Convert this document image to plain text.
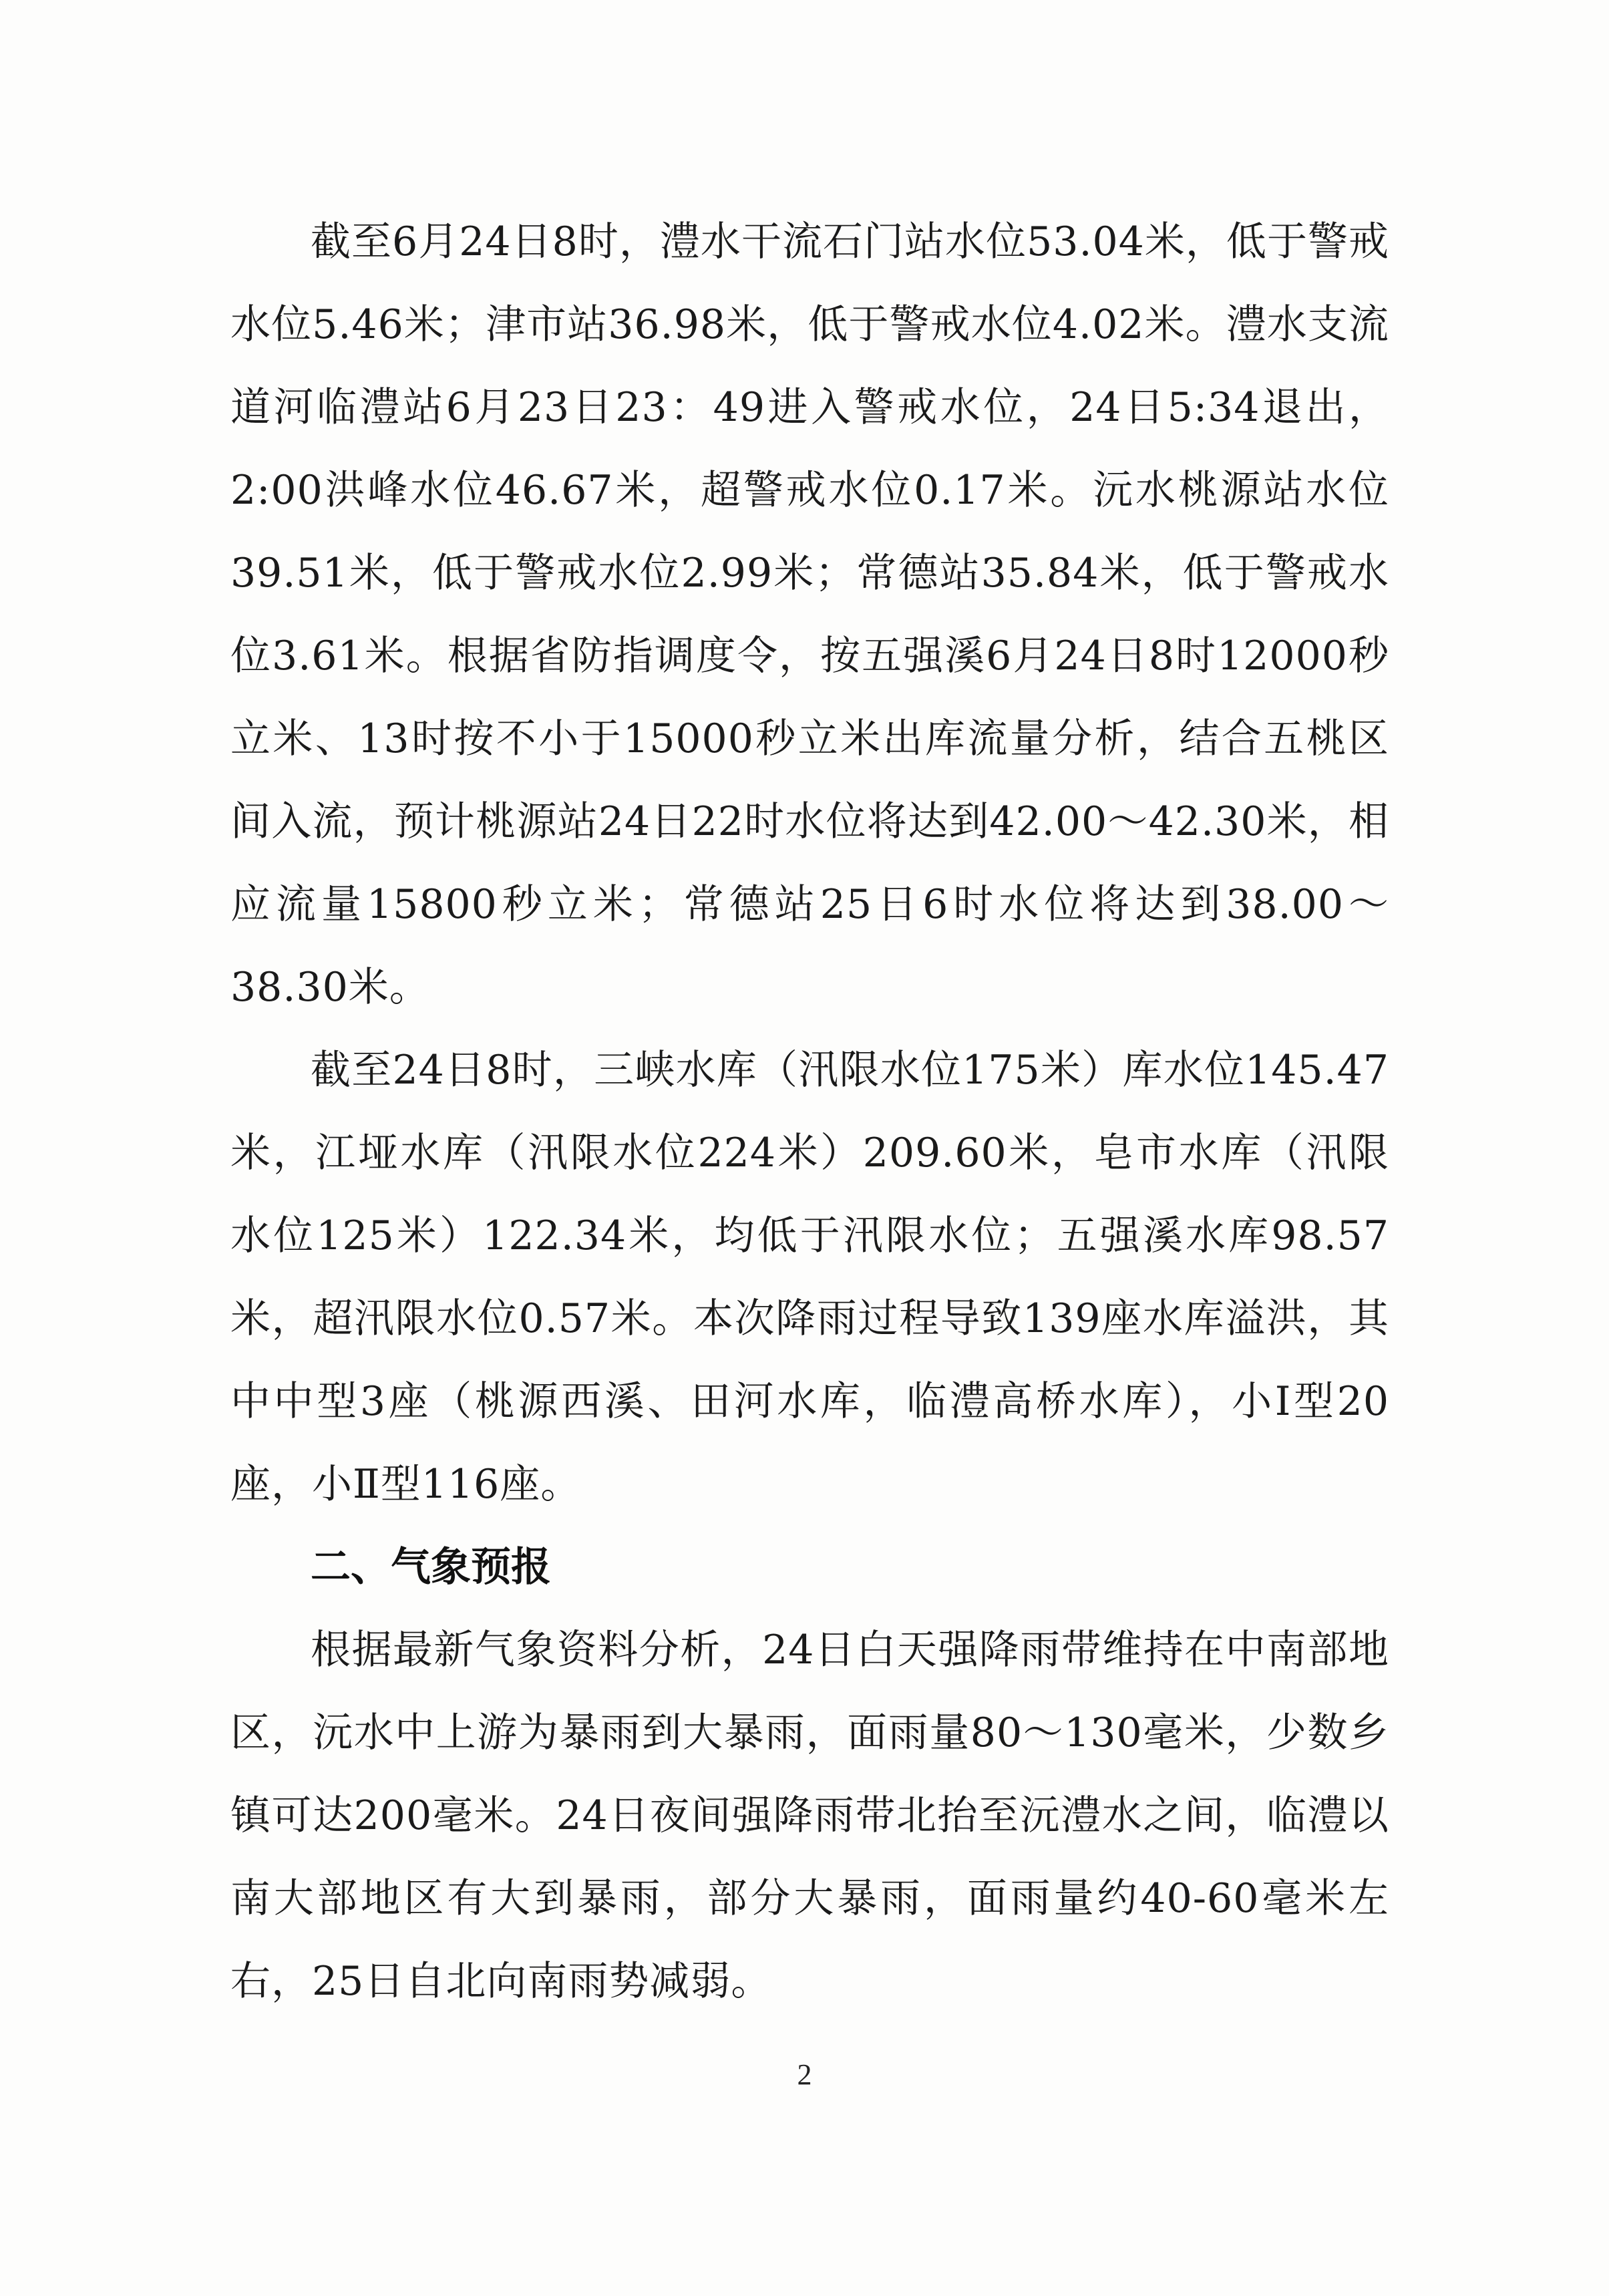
截至6月24日8时，澧水干流石门站水位53.04米，低于警戒水位5.46米；津市站36.98米，低于警戒水位4.02米。澧水支流道河临澧站6月23日23：49进入警戒水位，24日5:34退出，2:00洪峰水位46.67米，超警戒水位0.17米。沅水桃源站水位39.51米，低于警戒水位2.99米；常德站35.84米，低于警戒水位3.61米。根据省防指调度令，按五强溪6月24日8时12000秒立米、13时按不小于15000秒立米出库流量分析，结合五桃区间入流，预计桃源站24日22时水位将达到42.00～42.30米，相应流量15800秒立米；常德站25日6时水位将达到38.00～38.30米。

截至24日8时，三峡水库（汛限水位175米）库水位145.47米，江垭水库（汛限水位224米）209.60米，皂市水库（汛限水位125米）122.34米，均低于汛限水位；五强溪水库98.57米，超汛限水位0.57米。本次降雨过程导致139座水库溢洪，其中中型3座（桃源西溪、田河水库，临澧高桥水库），小Ⅰ型20座，小Ⅱ型116座。

二、气象预报

根据最新气象资料分析，24日白天强降雨带维持在中南部地区，沅水中上游为暴雨到大暴雨，面雨量80～130毫米，少数乡镇可达200毫米。24日夜间强降雨带北抬至沅澧水之间，临澧以南大部地区有大到暴雨，部分大暴雨，面雨量约40-60毫米左右，25日自北向南雨势减弱。

2
